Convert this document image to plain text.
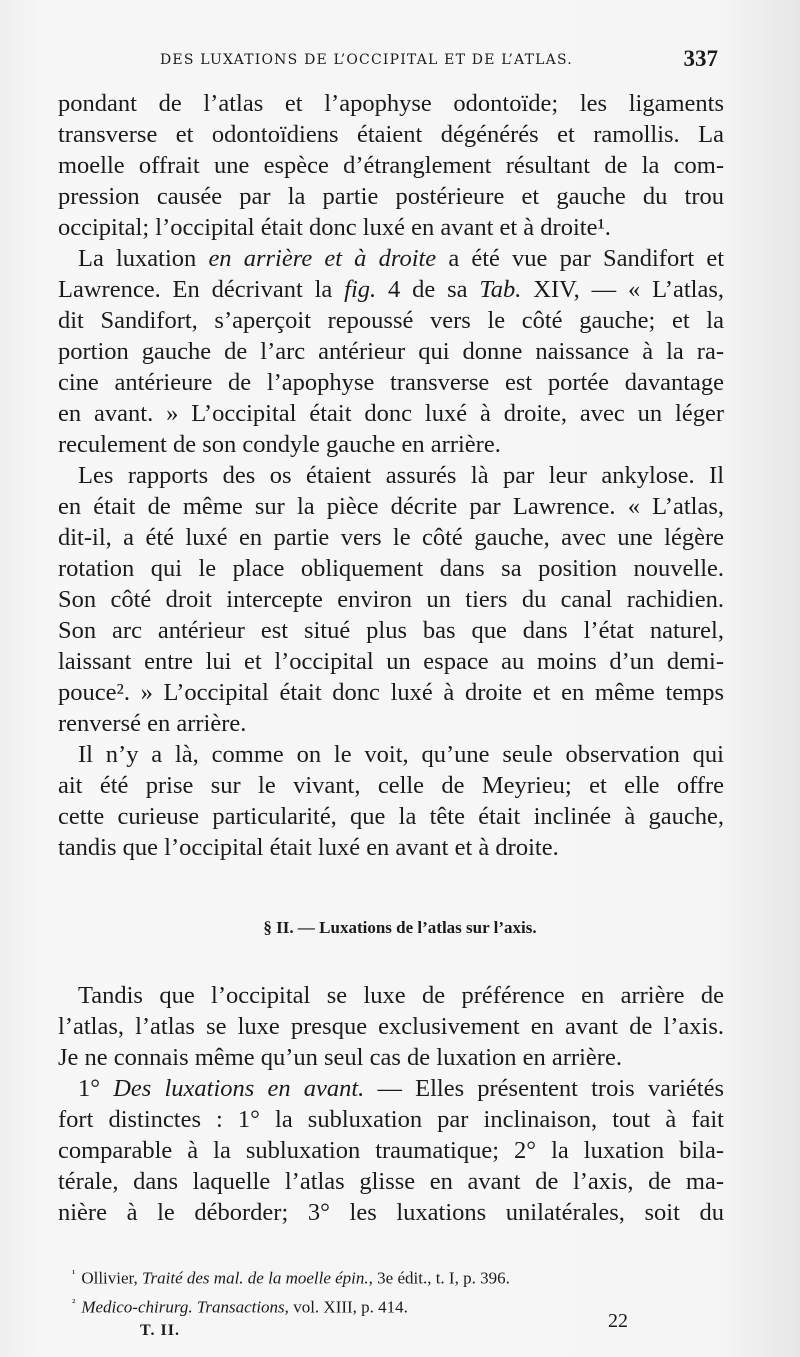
DES LUXATIONS DE L’OCCIPITAL ET DE L’ATLAS.	337
pondant de l’atlas et l’apophyse odontoïde; les ligaments
transverse et odontoïdiens étaient dégénérés et ramollis. La
moelle offrait une espèce d’étranglement résultant de la com-
pression causée par la partie postérieure et gauche du trou
occipital; l’occipital était donc luxé en avant et à droite¹.
La luxation en arrière et à droite a été vue par Sandifort et
Lawrence. En décrivant la fig. 4 de sa Tab. XIV, — « L’atlas,
dit Sandifort, s’aperçoit repoussé vers le côté gauche; et la
portion gauche de l’arc antérieur qui donne naissance à la ra-
cine antérieure de l’apophyse transverse est portée davantage
en avant. » L’occipital était donc luxé à droite, avec un léger
reculement de son condyle gauche en arrière.
Les rapports des os étaient assurés là par leur ankylose. Il
en était de même sur la pièce décrite par Lawrence. « L’atlas,
dit-il, a été luxé en partie vers le côté gauche, avec une légère
rotation qui le place obliquement dans sa position nouvelle.
Son côté droit intercepte environ un tiers du canal rachidien.
Son arc antérieur est situé plus bas que dans l’état naturel,
laissant entre lui et l’occipital un espace au moins d’un demi-
pouce². » L’occipital était donc luxé à droite et en même temps
renversé en arrière.
Il n’y a là, comme on le voit, qu’une seule observation qui
ait été prise sur le vivant, celle de Meyrieu; et elle offre
cette curieuse particularité, que la tête était inclinée à gauche,
tandis que l’occipital était luxé en avant et à droite.
§ II. — Luxations de l’atlas sur l’axis.
Tandis que l’occipital se luxe de préférence en arrière de
l’atlas, l’atlas se luxe presque exclusivement en avant de l’axis.
Je ne connais même qu’un seul cas de luxation en arrière.
1° Des luxations en avant. — Elles présentent trois variétés
fort distinctes : 1° la subluxation par inclinaison, tout à fait
comparable à la subluxation traumatique; 2° la luxation bila-
térale, dans laquelle l’atlas glisse en avant de l’axis, de ma-
nière à le déborder; 3° les luxations unilatérales, soit du
$^{^1}$ Ollivier, Traité des mal. de la moelle épin., 3e édit., t. I, p. 396.
$^{^2}$ Medico-chirurg. Transactions, vol. XIII, p. 414.
T. II.	22
